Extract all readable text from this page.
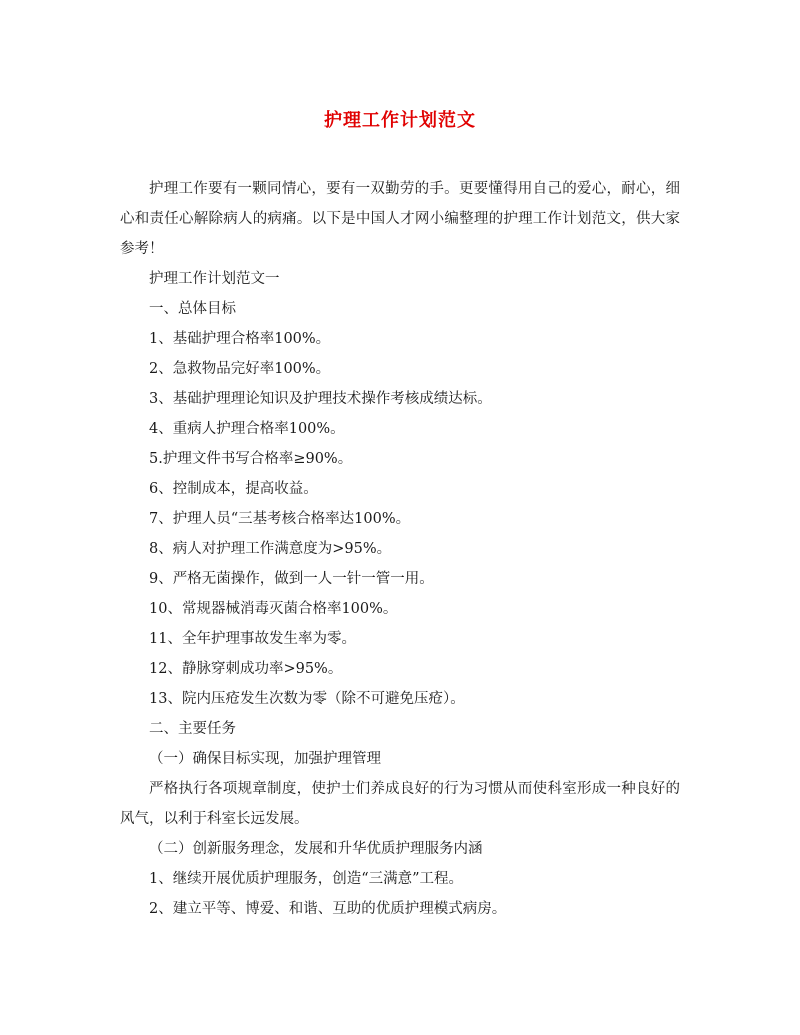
护理工作计划范文

护理工作要有一颗同情心，要有一双勤劳的手。更要懂得用自己的爱心，耐心，细心和责任心解除病人的病痛。以下是中国人才网小编整理的护理工作计划范文，供大家参考！

护理工作计划范文一

一、总体目标

1、基础护理合格率100%。

2、急救物品完好率100%。

3、基础护理理论知识及护理技术操作考核成绩达标。

4、重病人护理合格率100%。

5.护理文件书写合格率≥90%。

6、控制成本，提高收益。

7、护理人员“三基考核合格率达100%。

8、病人对护理工作满意度为>95%。

9、严格无菌操作，做到一人一针一管一用。

10、常规器械消毒灭菌合格率100%。

11、全年护理事故发生率为零。

12、静脉穿刺成功率>95%。

13、院内压疮发生次数为零（除不可避免压疮）。

二、主要任务

（一）确保目标实现，加强护理管理

严格执行各项规章制度，使护士们养成良好的行为习惯从而使科室形成一种良好的风气，以利于科室长远发展。

（二）创新服务理念，发展和升华优质护理服务内涵

1、继续开展优质护理服务，创造“三满意”工程。

2、建立平等、博爱、和谐、互助的优质护理模式病房。
